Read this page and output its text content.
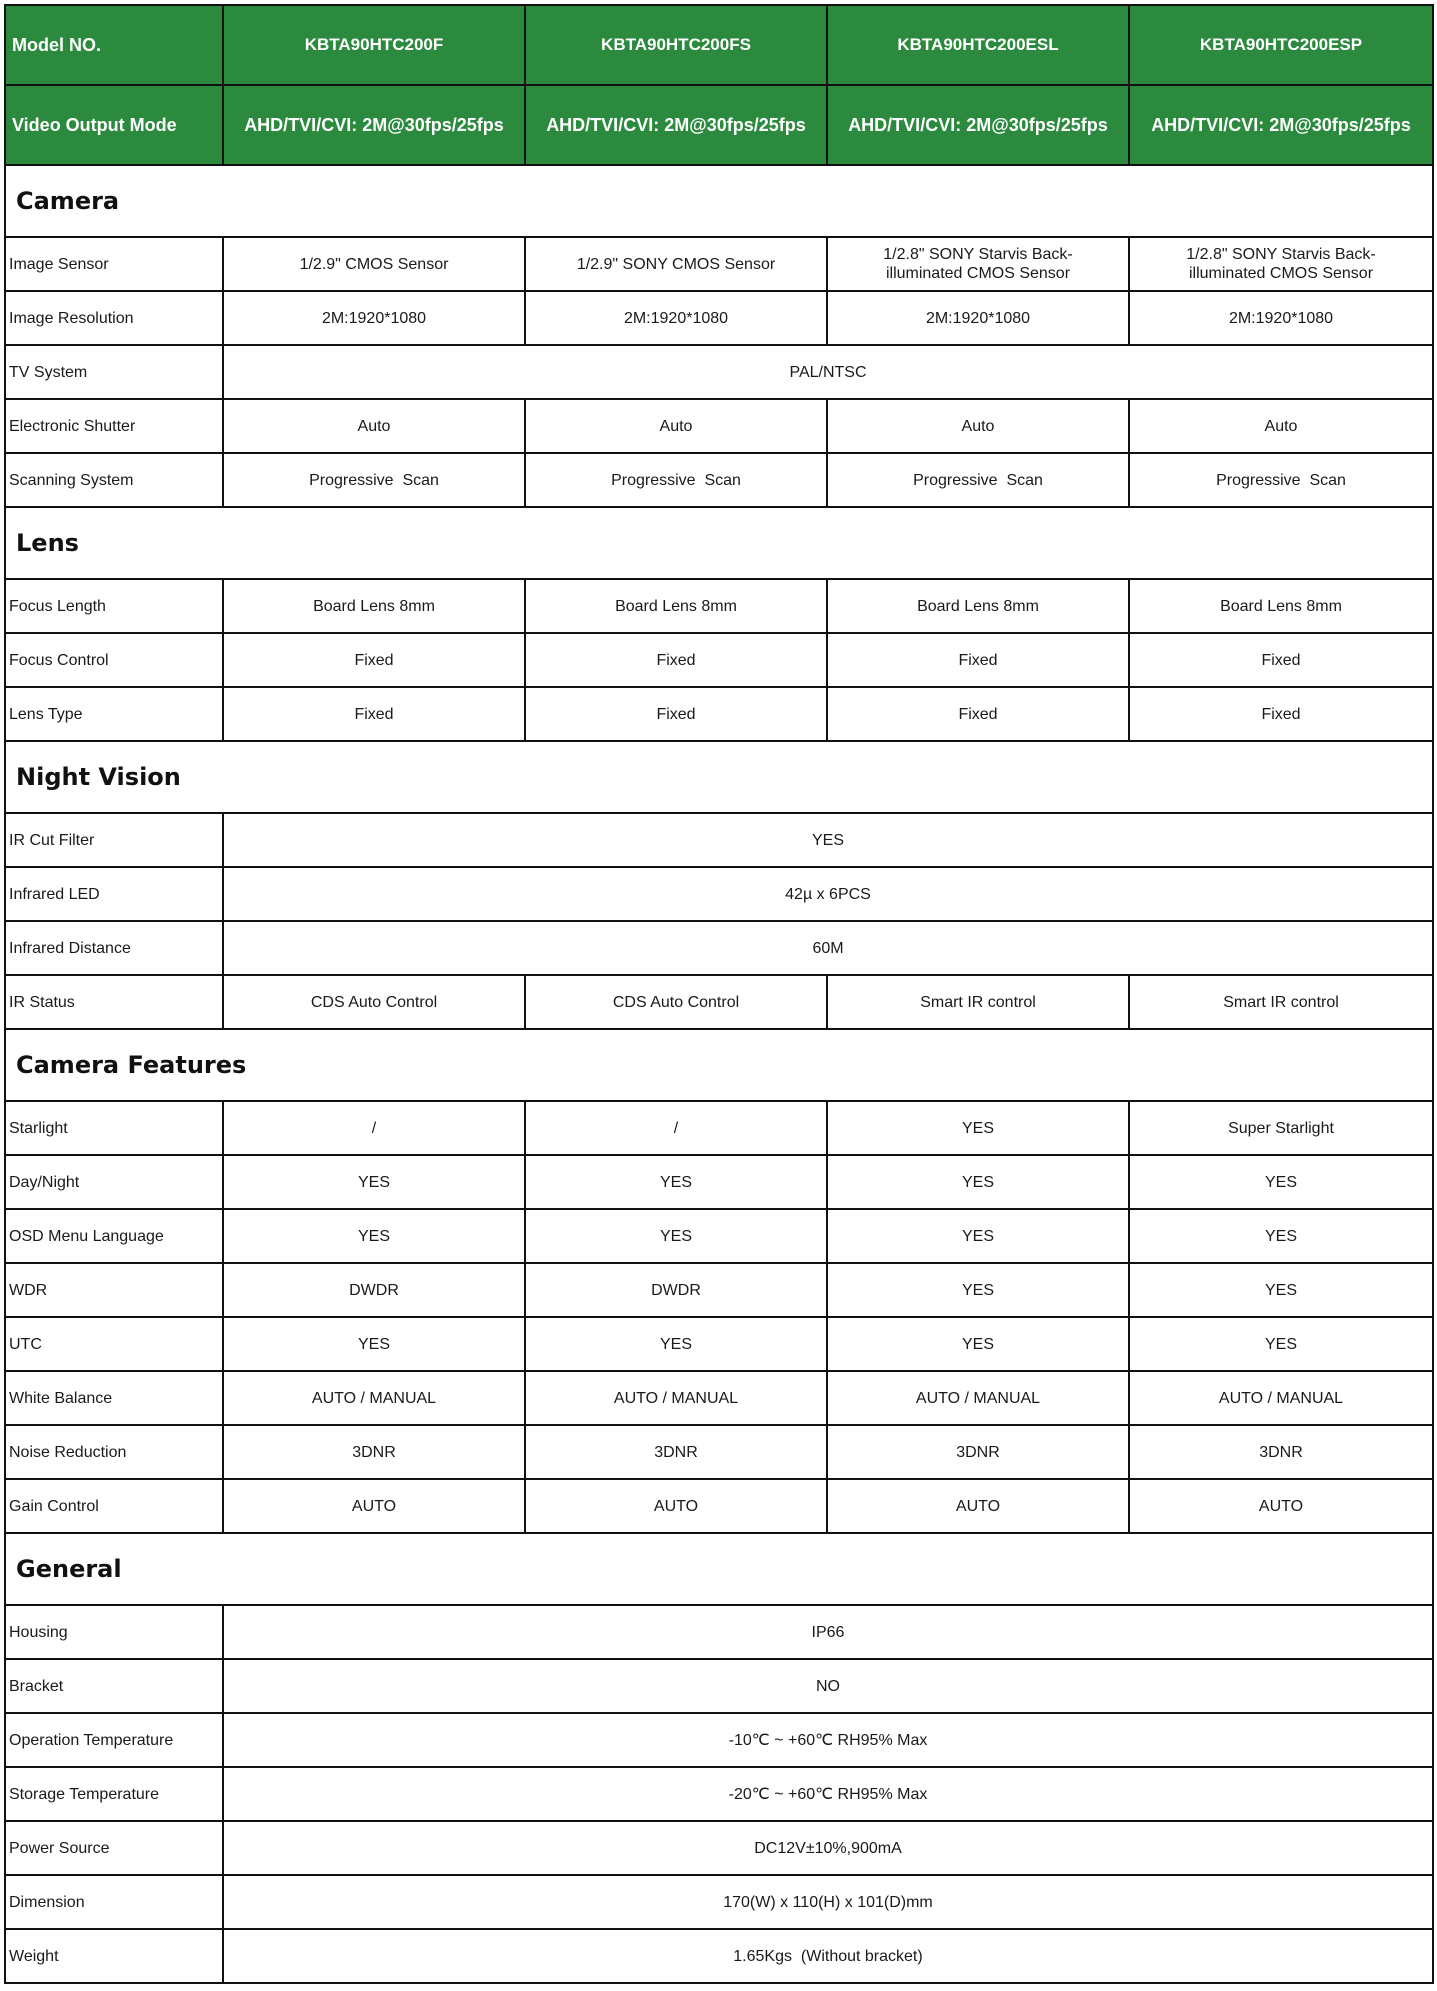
Model NO.	KBTA90HTC200F	KBTA90HTC200FS	KBTA90HTC200ESL	KBTA90HTC200ESP
Video Output Mode	AHD/TVI/CVI: 2M@30fps/25fps	AHD/TVI/CVI: 2M@30fps/25fps	AHD/TVI/CVI: 2M@30fps/25fps	AHD/TVI/CVI: 2M@30fps/25fps
Camera				
Image Sensor	1/2.9" CMOS Sensor	1/2.9" SONY CMOS Sensor	1/2.8" SONY Starvis Back-illuminated CMOS Sensor	1/2.8" SONY Starvis Back-illuminated CMOS Sensor
Image Resolution	2M:1920*1080	2M:1920*1080	2M:1920*1080	2M:1920*1080
TV System	PAL/NTSC			
Electronic Shutter	Auto	Auto	Auto	Auto
Scanning System	Progressive  Scan	Progressive  Scan	Progressive  Scan	Progressive  Scan
Lens				
Focus Length	Board Lens 8mm	Board Lens 8mm	Board Lens 8mm	Board Lens 8mm
Focus Control	Fixed	Fixed	Fixed	Fixed
Lens Type	Fixed	Fixed	Fixed	Fixed
Night Vision				
IR Cut Filter	YES			
Infrared LED	42µ x 6PCS			
Infrared Distance	60M			
IR Status	CDS Auto Control	CDS Auto Control	Smart IR control	Smart IR control
Camera Features				
Starlight	/	/	YES	Super Starlight
Day/Night	YES	YES	YES	YES
OSD Menu Language	YES	YES	YES	YES
WDR	DWDR	DWDR	YES	YES
UTC	YES	YES	YES	YES
White Balance	AUTO / MANUAL	AUTO / MANUAL	AUTO / MANUAL	AUTO / MANUAL
Noise Reduction	3DNR	3DNR	3DNR	3DNR
Gain Control	AUTO	AUTO	AUTO	AUTO
General				
Housing	IP66			
Bracket	NO			
Operation Temperature	-10℃ ~ +60℃ RH95% Max			
Storage Temperature	-20℃ ~ +60℃ RH95% Max			
Power Source	DC12V±10%,900mA			
Dimension	170(W) x 110(H) x 101(D)mm			
Weight	1.65Kgs  (Without bracket)			
